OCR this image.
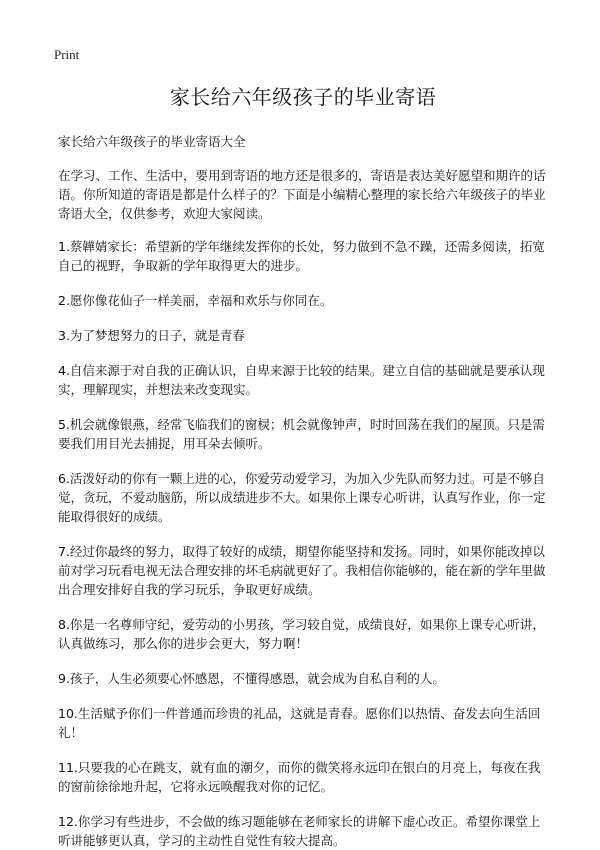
Print
家长给六年级孩子的毕业寄语

家长给六年级孩子的毕业寄语大全

在学习、工作、生活中，要用到寄语的地方还是很多的，寄语是表达美好愿望和期许的话语。你所知道的寄语是都是什么样子的？下面是小编精心整理的家长给六年级孩子的毕业寄语大全，仅供参考，欢迎大家阅读。

1.蔡韡婧家长：希望新的学年继续发挥你的长处，努力做到不急不躁，还需多阅读，拓宽自己的视野，争取新的学年取得更大的进步。

2.愿你像花仙子一样美丽，幸福和欢乐与你同在。

3.为了梦想努力的日子，就是青春

4.自信来源于对自我的正确认识，自卑来源于比较的结果。建立自信的基础就是要承认现实，理解现实，并想法来改变现实。

5.机会就像银燕，经常飞临我们的窗棂；机会就像钟声，时时回荡在我们的屋顶。只是需要我们用目光去捕捉，用耳朵去倾听。

6.活泼好动的你有一颗上进的心，你爱劳动爱学习，为加入少先队而努力过。可是不够自觉，贪玩，不爱动脑筋，所以成绩进步不大。如果你上课专心听讲，认真写作业，你一定能取得很好的成绩。

7.经过你最终的努力，取得了较好的成绩，期望你能坚持和发扬。同时，如果你能改掉以前对学习玩看电视无法合理安排的坏毛病就更好了。我相信你能够的，能在新的学年里做出合理安排好自我的学习玩乐，争取更好成绩。

8.你是一名尊师守纪，爱劳动的小男孩，学习较自觉，成绩良好，如果你上课专心听讲，认真做练习，那么你的进步会更大，努力啊！

9.孩子，人生必须要心怀感恩，不懂得感恩，就会成为自私自利的人。

10.生活赋予你们一件普通而珍贵的礼品，这就是青春。愿你们以热情、奋发去向生活回礼！

11.只要我的心在跳支，就有血的潮夕，而你的微笑将永远印在银白的月亮上，每夜在我的窗前徐徐地升起，它将永远唤醒我对你的记忆。

12.你学习有些进步，不会做的练习题能够在老师家长的讲解下虚心改正。希望你课堂上听讲能够更认真，学习的主动性自觉性有较大提高。
